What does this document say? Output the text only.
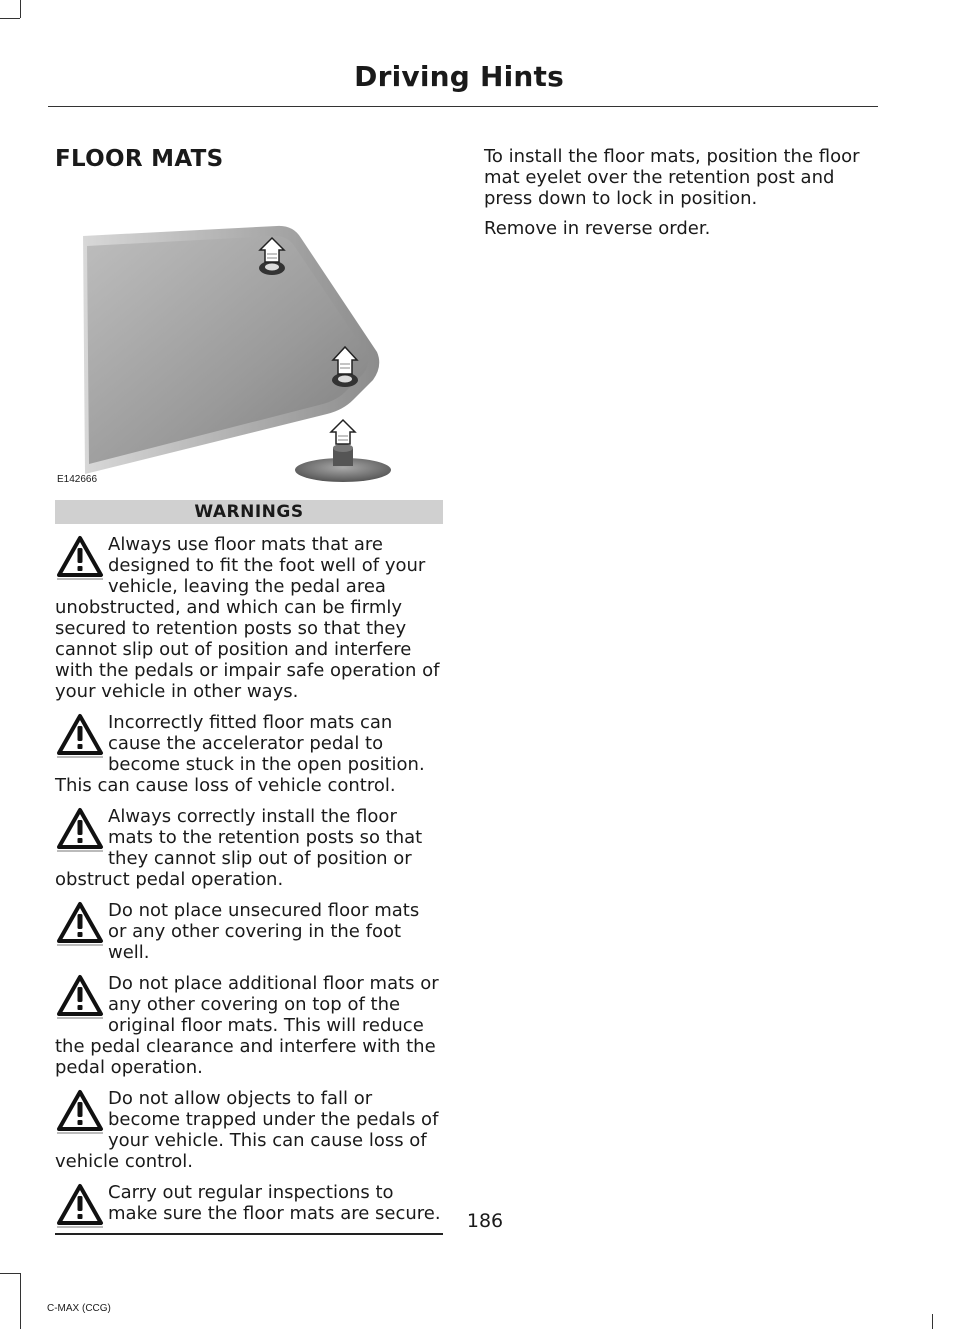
Driving Hints
FLOOR MATS
E142666
WARNINGS

Always use floor mats that are designed to fit the foot well of your vehicle, leaving the pedal area unobstructed, and which can be firmly secured to retention posts so that they cannot slip out of position and interfere with the pedals or impair safe operation of your vehicle in other ways.

Incorrectly fitted floor mats can cause the accelerator pedal to become stuck in the open position. This can cause loss of vehicle control.

Always correctly install the floor mats to the retention posts so that they cannot slip out of position or obstruct pedal operation.

Do not place unsecured floor mats or any other covering in the foot well.

Do not place additional floor mats or any other covering on top of the original floor mats. This will reduce the pedal clearance and interfere with the pedal operation.

Do not allow objects to fall or become trapped under the pedals of your vehicle. This can cause loss of vehicle control.

Carry out regular inspections to make sure the floor mats are secure.

To install the floor mats, position the floor mat eyelet over the retention post and press down to lock in position.

Remove in reverse order.

186

C-MAX (CCG)
